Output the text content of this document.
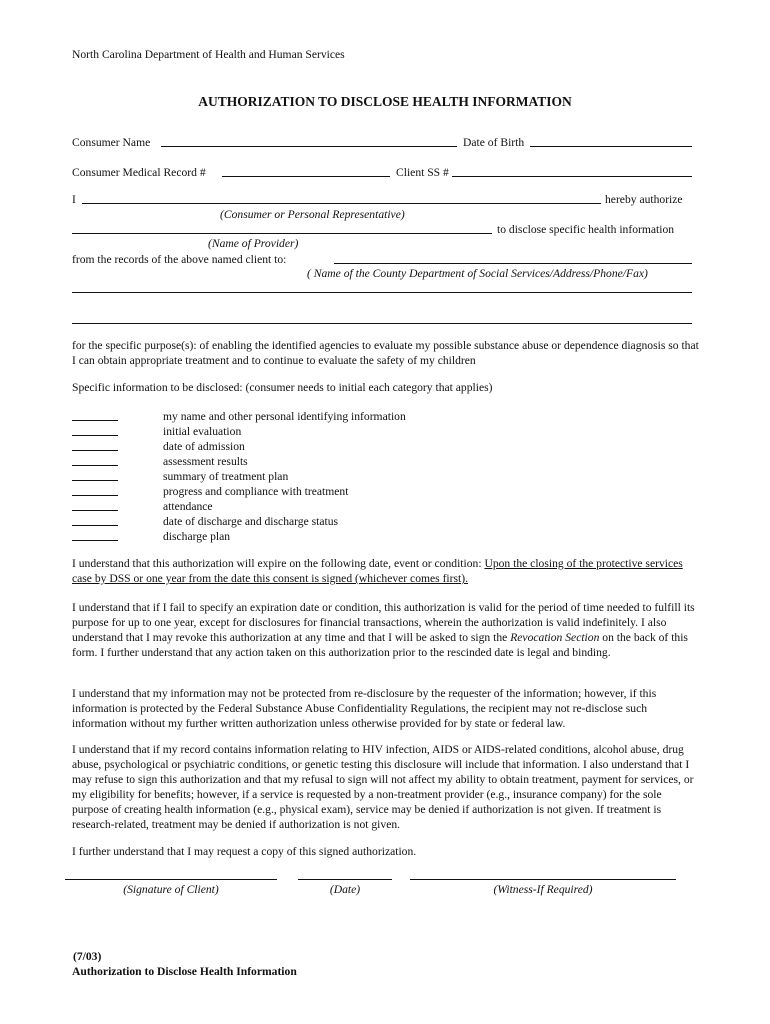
North Carolina Department of Health and Human Services
AUTHORIZATION TO DISCLOSE HEALTH INFORMATION
Consumer Name	Date of Birth
Consumer Medical Record #	Client SS #
I	hereby authorize
(Consumer or Personal Representative)
to disclose specific health information
(Name of Provider)
from the records of the above named client to:
( Name of the County Department of Social Services/Address/Phone/Fax)
for the specific purpose(s): of enabling the identified agencies to evaluate my possible substance abuse or dependence diagnosis so that I can obtain appropriate treatment and to continue to evaluate the safety of my children
Specific information to be disclosed: (consumer needs to initial each category that applies)
my name and other personal identifying information
initial evaluation
date of admission
assessment results
summary of treatment plan
progress and compliance with treatment
attendance
date of discharge and discharge status
discharge plan
I understand that this authorization will expire on the following date, event or condition: Upon the closing of the protective services case by DSS or one year from the date this consent is signed (whichever comes first).
I understand that if I fail to specify an expiration date or condition, this authorization is valid for the period of time needed to fulfill its purpose for up to one year, except for disclosures for financial transactions, wherein the authorization is valid indefinitely. I also understand that I may revoke this authorization at any time and that I will be asked to sign the Revocation Section on the back of this form. I further understand that any action taken on this authorization prior to the rescinded date is legal and binding.
I understand that my information may not be protected from re-disclosure by the requester of the information; however, if this information is protected by the Federal Substance Abuse Confidentiality Regulations, the recipient may not re-disclose such information without my further written authorization unless otherwise provided for by state or federal law.
I understand that if my record contains information relating to HIV infection, AIDS or AIDS-related conditions, alcohol abuse, drug abuse, psychological or psychiatric conditions, or genetic testing this disclosure will include that information. I also understand that I may refuse to sign this authorization and that my refusal to sign will not affect my ability to obtain treatment, payment for services, or my eligibility for benefits; however, if a service is requested by a non-treatment provider (e.g., insurance company) for the sole purpose of creating health information (e.g., physical exam), service may be denied if authorization is not given. If treatment is research-related, treatment may be denied if authorization is not given.
I further understand that I may request a copy of this signed authorization.
(Signature of Client)	(Date)	(Witness-If Required)
(7/03)
Authorization to Disclose Health Information
